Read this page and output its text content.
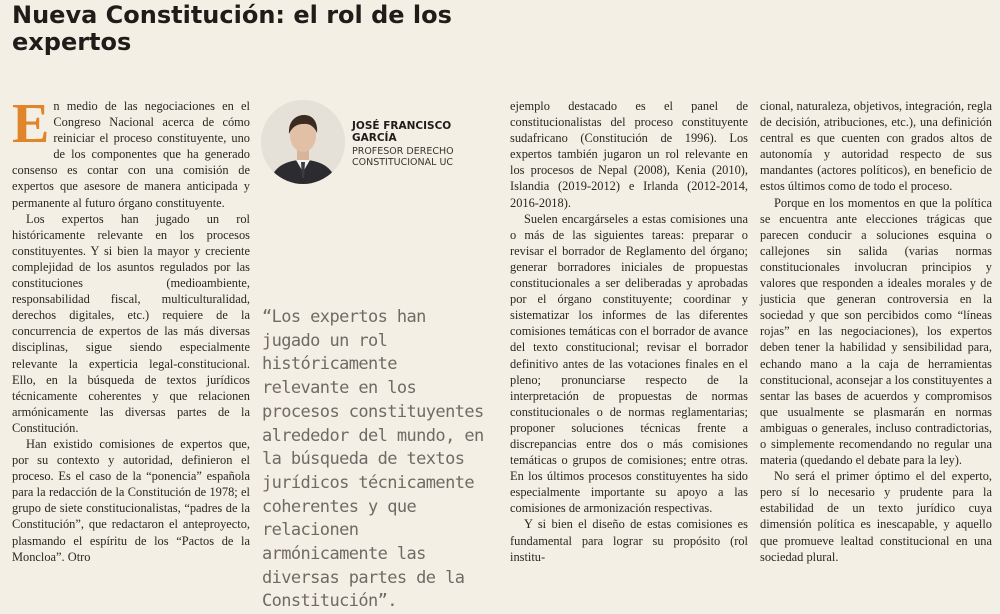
Nueva Constitución: el rol de los expertos
E n medio de las negociaciones en el Congreso Nacional acerca de cómo reiniciar el proceso constituyente, uno de los componentes que ha generado consenso es contar con una comisión de expertos que asesore de manera anticipada y permanente al futuro órgano constituyente.

Los expertos han jugado un rol históricamente relevante en los procesos constituyentes. Y si bien la mayor y creciente complejidad de los asuntos regulados por las constituciones (medioambiente, responsabilidad fiscal, multiculturalidad, derechos digitales, etc.) requiere de la concurrencia de expertos de las más diversas disciplinas, sigue siendo especialmente relevante la experticia legal-constitucional. Ello, en la búsqueda de textos jurídicos técnicamente coherentes y que relacionen armónicamente las diversas partes de la Constitución.

Han existido comisiones de expertos que, por su contexto y autoridad, definieron el proceso. Es el caso de la “ponencia” española para la redacción de la Constitución de 1978; el grupo de siete constitucionalistas, “padres de la Constitución”, que redactaron el anteproyecto, plasmando el espíritu de los “Pactos de la Moncloa”. Otro

JOSÉ FRANCISCO GARCÍA
PROFESOR DERECHO CONSTITUCIONAL UC
“Los expertos han jugado un rol históricamente relevante en los procesos constituyentes alrededor del mundo, en la búsqueda de textos jurídicos técnicamente coherentes y que relacionen armónicamente las diversas partes de la Constitución”.

ejemplo destacado es el panel de constitucionalistas del proceso constituyente sudafricano (Constitución de 1996). Los expertos también jugaron un rol relevante en los procesos de Nepal (2008), Kenia (2010), Islandia (2019-2012) e Irlanda (2012-2014, 2016-2018).

Suelen encargárseles a estas comisiones una o más de las siguientes tareas: preparar o revisar el borrador de Reglamento del órgano; generar borradores iniciales de propuestas constitucionales a ser deliberadas y aprobadas por el órgano constituyente; coordinar y sistematizar los informes de las diferentes comisiones temáticas con el borrador de avance del texto constitucional; revisar el borrador definitivo antes de las votaciones finales en el pleno; pronunciarse respecto de la interpretación de propuestas de normas constitucionales o de normas reglamentarias; proponer soluciones técnicas frente a discrepancias entre dos o más comisiones temáticas o grupos de comisiones; entre otras. En los últimos procesos constituyentes ha sido especialmente importante su apoyo a las comisiones de armonización respectivas.

Y si bien el diseño de estas comisiones es fundamental para lograr su propósito (rol institu-

cional, naturaleza, objetivos, integración, regla de decisión, atribuciones, etc.), una definición central es que cuenten con grados altos de autonomía y autoridad respecto de sus mandantes (actores políticos), en beneficio de estos últimos como de todo el proceso.

Porque en los momentos en que la política se encuentra ante elecciones trágicas que parecen conducir a soluciones esquina o callejones sin salida (varias normas constitucionales involucran principios y valores que responden a ideales morales y de justicia que generan controversia en la sociedad y que son percibidos como “líneas rojas” en las negociaciones), los expertos deben tener la habilidad y sensibilidad para, echando mano a la caja de herramientas constitucional, aconsejar a los constituyentes a sentar las bases de acuerdos y compromisos que usualmente se plasmarán en normas ambiguas o generales, incluso contradictorias, o simplemente recomendando no regular una materia (quedando el debate para la ley).

No será el primer óptimo el del experto, pero sí lo necesario y prudente para la estabilidad de un texto jurídico cuya dimensión política es inescapable, y aquello que promueve lealtad constitucional en una sociedad plural.
